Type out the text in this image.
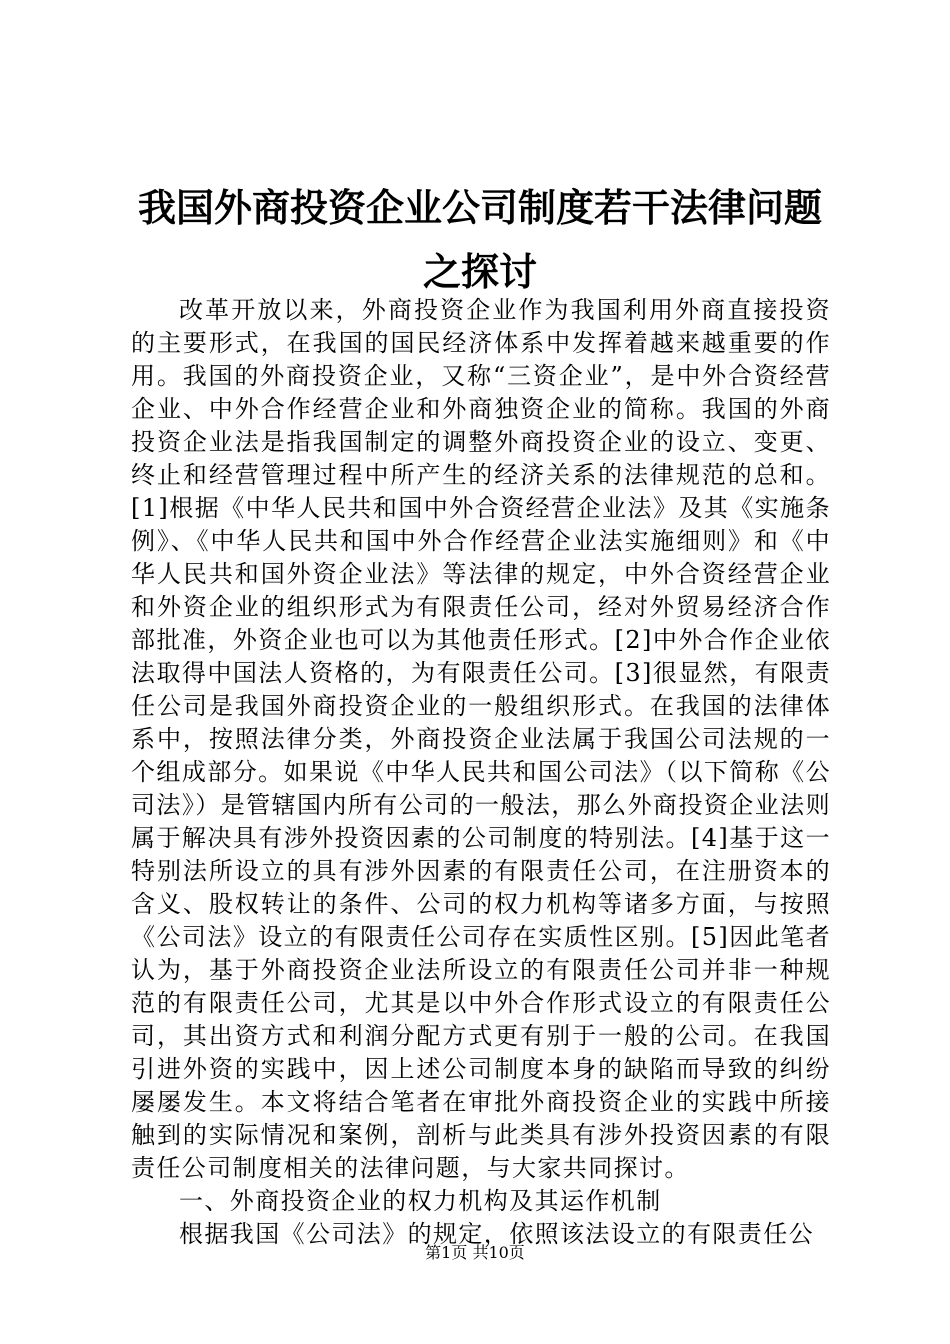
我国外商投资企业公司制度若干法律问题之探讨

改革开放以来，外商投资企业作为我国利用外商直接投资的主要形式，在我国的国民经济体系中发挥着越来越重要的作用。我国的外商投资企业，又称“三资企业”，是中外合资经营企业、中外合作经营企业和外商独资企业的简称。我国的外商投资企业法是指我国制定的调整外商投资企业的设立、变更、终止和经营管理过程中所产生的经济关系的法律规范的总和。[1]根据《中华人民共和国中外合资经营企业法》及其《实施条例》、《中华人民共和国中外合作经营企业法实施细则》和《中华人民共和国外资企业法》等法律的规定，中外合资经营企业和外资企业的组织形式为有限责任公司，经对外贸易经济合作部批准，外资企业也可以为其他责任形式。[2]中外合作企业依法取得中国法人资格的，为有限责任公司。[3]很显然，有限责任公司是我国外商投资企业的一般组织形式。在我国的法律体系中，按照法律分类，外商投资企业法属于我国公司法规的一个组成部分。如果说《中华人民共和国公司法》（以下简称《公司法》）是管辖国内所有公司的一般法，那么外商投资企业法则属于解决具有涉外投资因素的公司制度的特别法。[4]基于这一特别法所设立的具有涉外因素的有限责任公司，在注册资本的含义、股权转让的条件、公司的权力机构等诸多方面，与按照《公司法》设立的有限责任公司存在实质性区别。[5]因此笔者认为，基于外商投资企业法所设立的有限责任公司并非一种规范的有限责任公司，尤其是以中外合作形式设立的有限责任公司，其出资方式和利润分配方式更有别于一般的公司。在我国引进外资的实践中，因上述公司制度本身的缺陷而导致的纠纷屡屡发生。本文将结合笔者在审批外商投资企业的实践中所接触到的实际情况和案例，剖析与此类具有涉外投资因素的有限责任公司制度相关的法律问题，与大家共同探讨。

一、外商投资企业的权力机构及其运作机制

根据我国《公司法》的规定，依照该法设立的有限责任公

第1页 共10页
